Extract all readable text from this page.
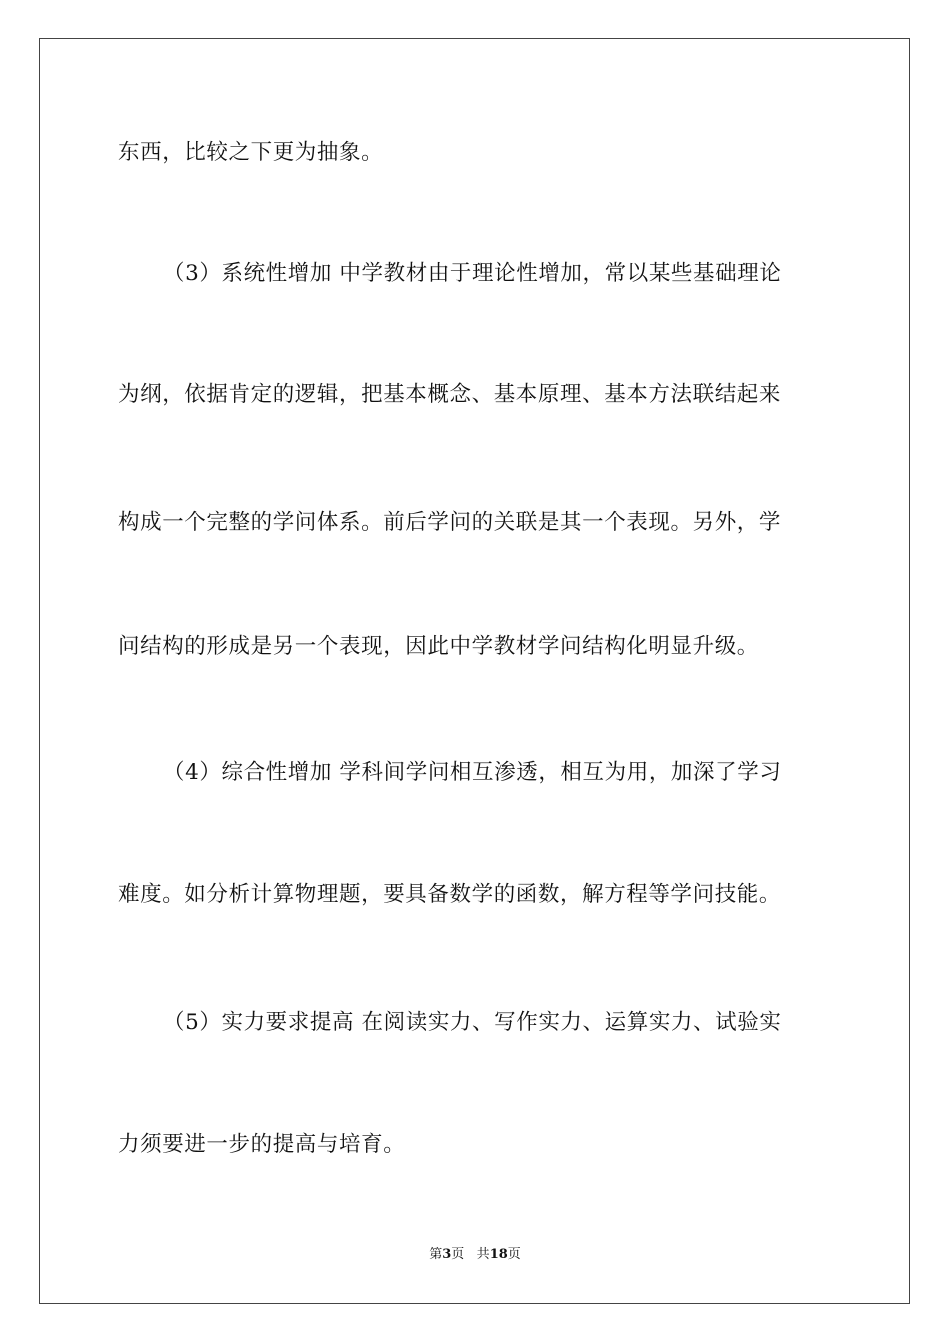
东西，比较之下更为抽象。
（3）系统性增加 中学教材由于理论性增加，常以某些基础理论
为纲，依据肯定的逻辑，把基本概念、基本原理、基本方法联结起来
构成一个完整的学问体系。前后学问的关联是其一个表现。另外，学
问结构的形成是另一个表现，因此中学教材学问结构化明显升级。
（4）综合性增加 学科间学问相互渗透，相互为用，加深了学习
难度。如分析计算物理题，要具备数学的函数，解方程等学问技能。
（5）实力要求提高 在阅读实力、写作实力、运算实力、试验实
力须要进一步的提高与培育。
第3页 共18页
